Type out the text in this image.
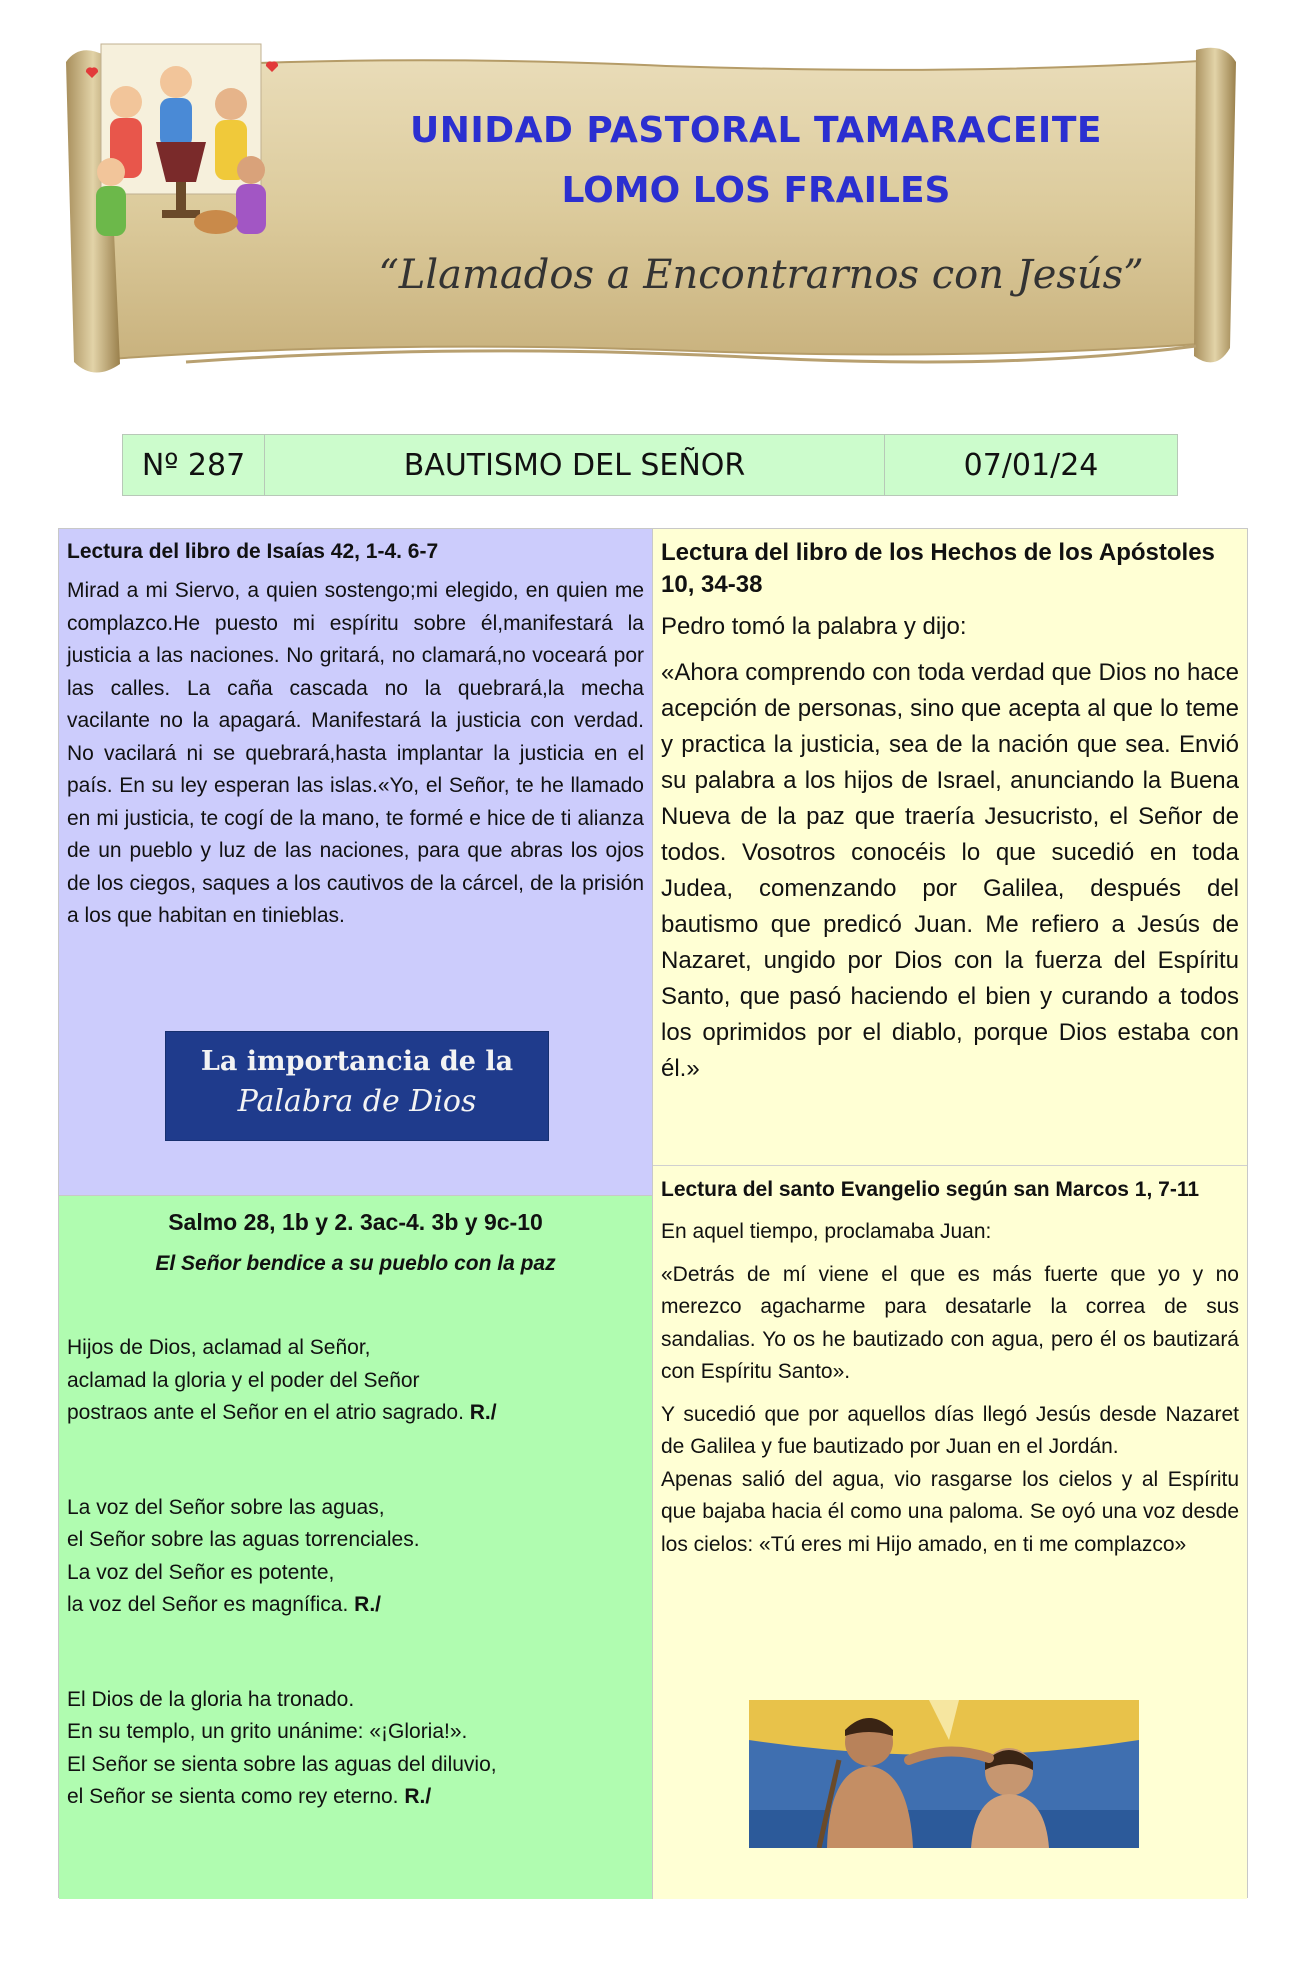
UNIDAD PASTORAL TAMARACEITE
LOMO LOS FRAILES
“Llamados a Encontrarnos con Jesús”
Nº 287	BAUTISMO DEL SEÑOR	07/01/24
Lectura del libro de Isaías 42, 1-4. 6-7

Mirad a mi Siervo, a quien sostengo;mi elegido, en quien me complazco.He puesto mi espíritu sobre él,manifestará la justicia a las naciones. No gritará, no clamará,no voceará por las calles. La caña cascada no la quebrará,la mecha vacilante no la apagará. Manifestará la justicia con verdad. No vacilará ni se quebrará,hasta implantar la justicia en el país. En su ley esperan las islas.«Yo, el Señor, te he llamado en mi justicia, te cogí de la mano, te formé e hice de ti alianza de un pueblo y luz de las naciones, para que abras los ojos de los ciegos, saques a los cautivos de la cárcel, de la prisión a los que habitan en tinieblas.

La importancia de la
Palabra de Dios
Salmo 28, 1b y 2. 3ac-4. 3b y 9c-10

El Señor bendice a su pueblo con la paz

Hijos de Dios, aclamad al Señor,
aclamad la gloria y el poder del Señor
postraos ante el Señor en el atrio sagrado. R./
La voz del Señor sobre las aguas,
el Señor sobre las aguas torrenciales.
La voz del Señor es potente,
la voz del Señor es magnífica. R./
El Dios de la gloria ha tronado.
En su templo, un grito unánime: «¡Gloria!».
El Señor se sienta sobre las aguas del diluvio,
el Señor se sienta como rey eterno. R./
Lectura del libro de los Hechos de los Apóstoles 10, 34-38

Pedro tomó la palabra y dijo:

«Ahora comprendo con toda verdad que Dios no hace acepción de personas, sino que acepta al que lo teme y practica la justicia, sea de la nación que sea. Envió su palabra a los hijos de Israel, anunciando la Buena Nueva de la paz que traería Jesucristo, el Señor de todos. Vosotros conocéis lo que sucedió en toda Judea, comenzando por Galilea, después del bautismo que predicó Juan. Me refiero a Jesús de Nazaret, ungido por Dios con la fuerza del Espíritu Santo, que pasó haciendo el bien y curando a todos los oprimidos por el diablo, porque Dios estaba con él.»

Lectura del santo Evangelio según san Marcos 1, 7-11

En aquel tiempo, proclamaba Juan:

«Detrás de mí viene el que es más fuerte que yo y no merezco agacharme para desatarle la correa de sus sandalias. Yo os he bautizado con agua, pero él os bautizará con Espíritu Santo».

Y sucedió que por aquellos días llegó Jesús desde Nazaret de Galilea y fue bautizado por Juan en el Jordán.

Apenas salió del agua, vio rasgarse los cielos y al Espíritu que bajaba hacia él como una paloma. Se oyó una voz desde los cielos: «Tú eres mi Hijo amado, en ti me complazco»
